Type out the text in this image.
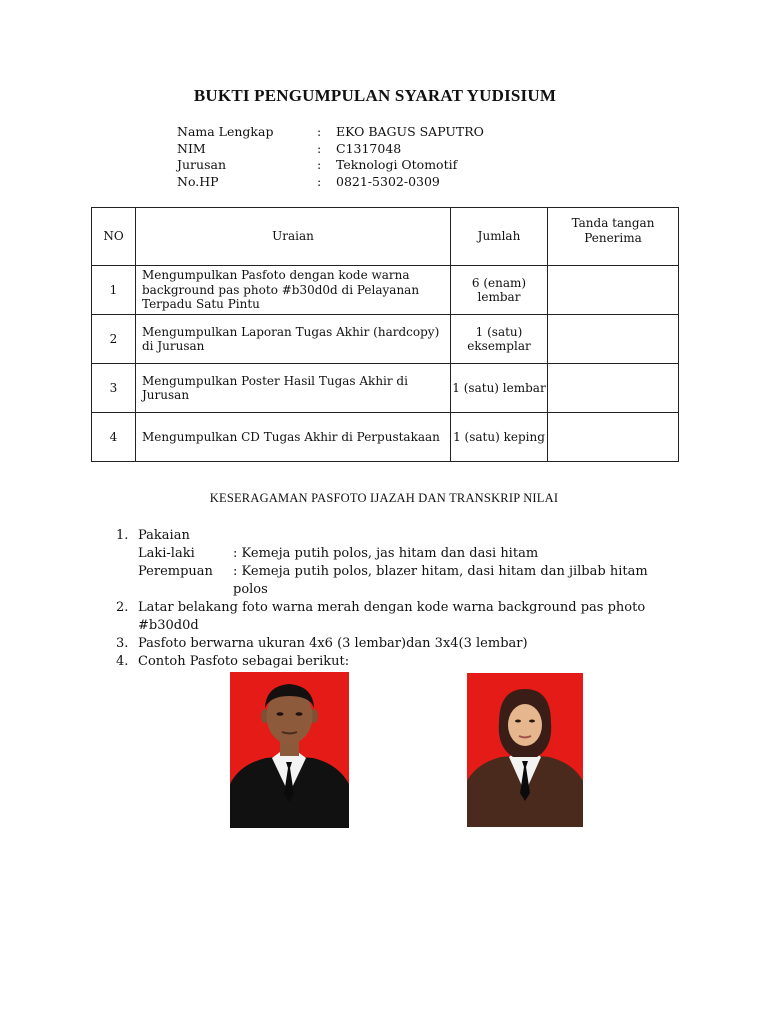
BUKTI PENGUMPULAN SYARAT YUDISIUM
Nama Lengkap	: EKO BAGUS SAPUTRO
NIM	: C1317048
Jurusan	: Teknologi Otomotif
No.HP	: 0821-5302-0309
NO	Uraian	Jumlah	Tanda tangan Penerima
1	Mengumpulkan Pasfoto dengan kode warna background pas photo #b30d0d di Pelayanan Terpadu Satu Pintu	6 (enam) lembar	
2	Mengumpulkan Laporan Tugas Akhir (hardcopy) di Jurusan	1 (satu) eksemplar	
3	Mengumpulkan Poster Hasil Tugas Akhir di Jurusan	1 (satu) lembar	
4	Mengumpulkan CD Tugas Akhir di Perpustakaan	1 (satu) keping	
KESERAGAMAN PASFOTO IJAZAH DAN TRANSKRIP NILAI
1. Pakaian
Laki-laki	: Kemeja putih polos, jas hitam dan dasi hitam
Perempuan : Kemeja putih polos, blazer hitam, dasi hitam dan jilbab hitam polos
2. Latar belakang foto warna merah dengan kode warna background pas photo #b30d0d
3. Pasfoto berwarna ukuran 4x6 (3 lembar)dan 3x4(3 lembar)
4. Contoh Pasfoto sebagai berikut:
